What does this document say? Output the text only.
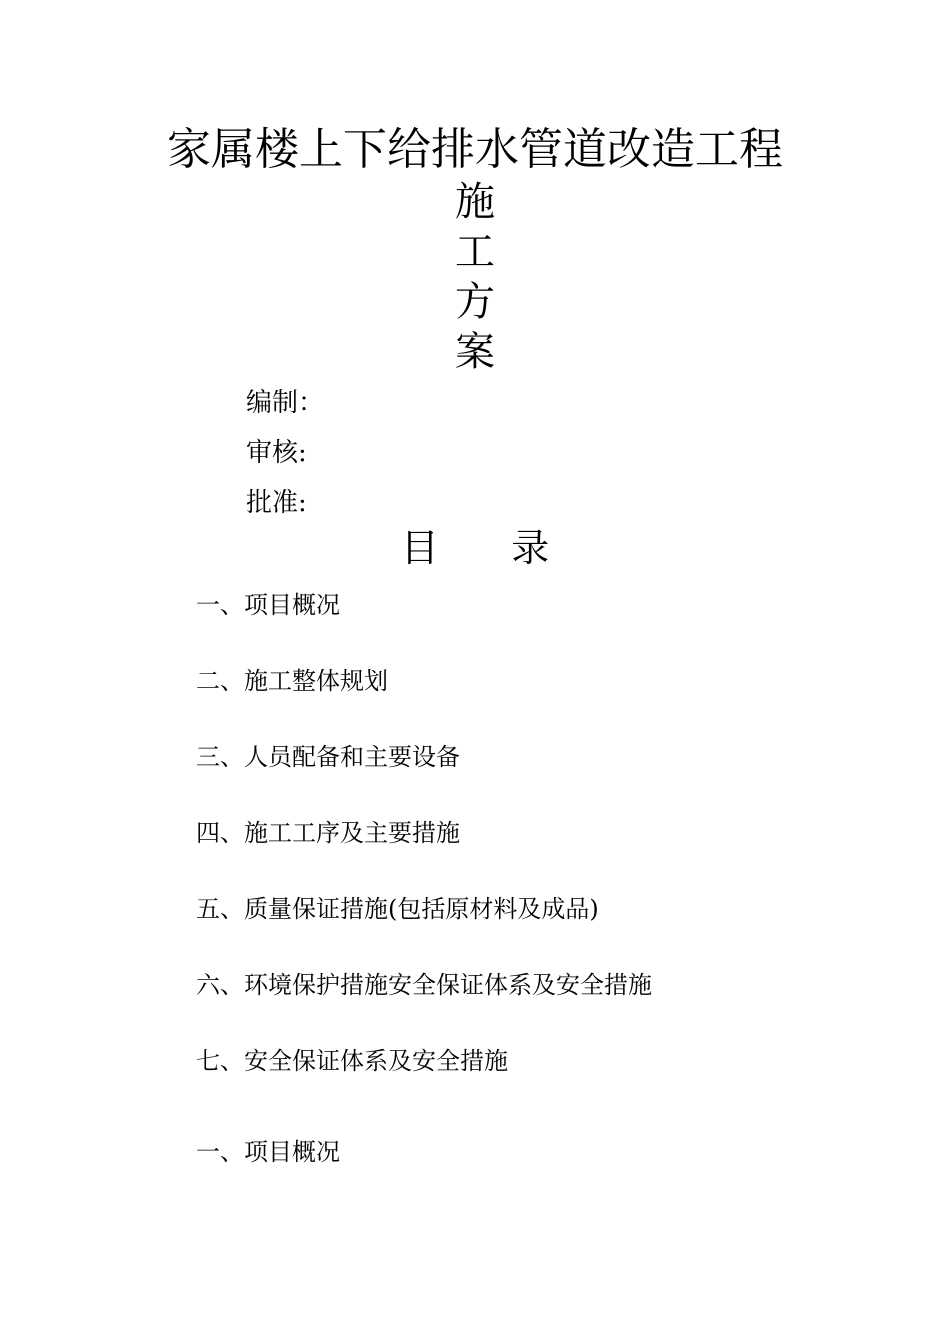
家属楼上下给排水管道改造工程
施
工
方
案
编制：
审核:
批准:
目      录
一、项目概况
二、施工整体规划
三、人员配备和主要设备
四、施工工序及主要措施
五、质量保证措施(包括原材料及成品)
六、环境保护措施安全保证体系及安全措施
七、安全保证体系及安全措施
一、项目概况
